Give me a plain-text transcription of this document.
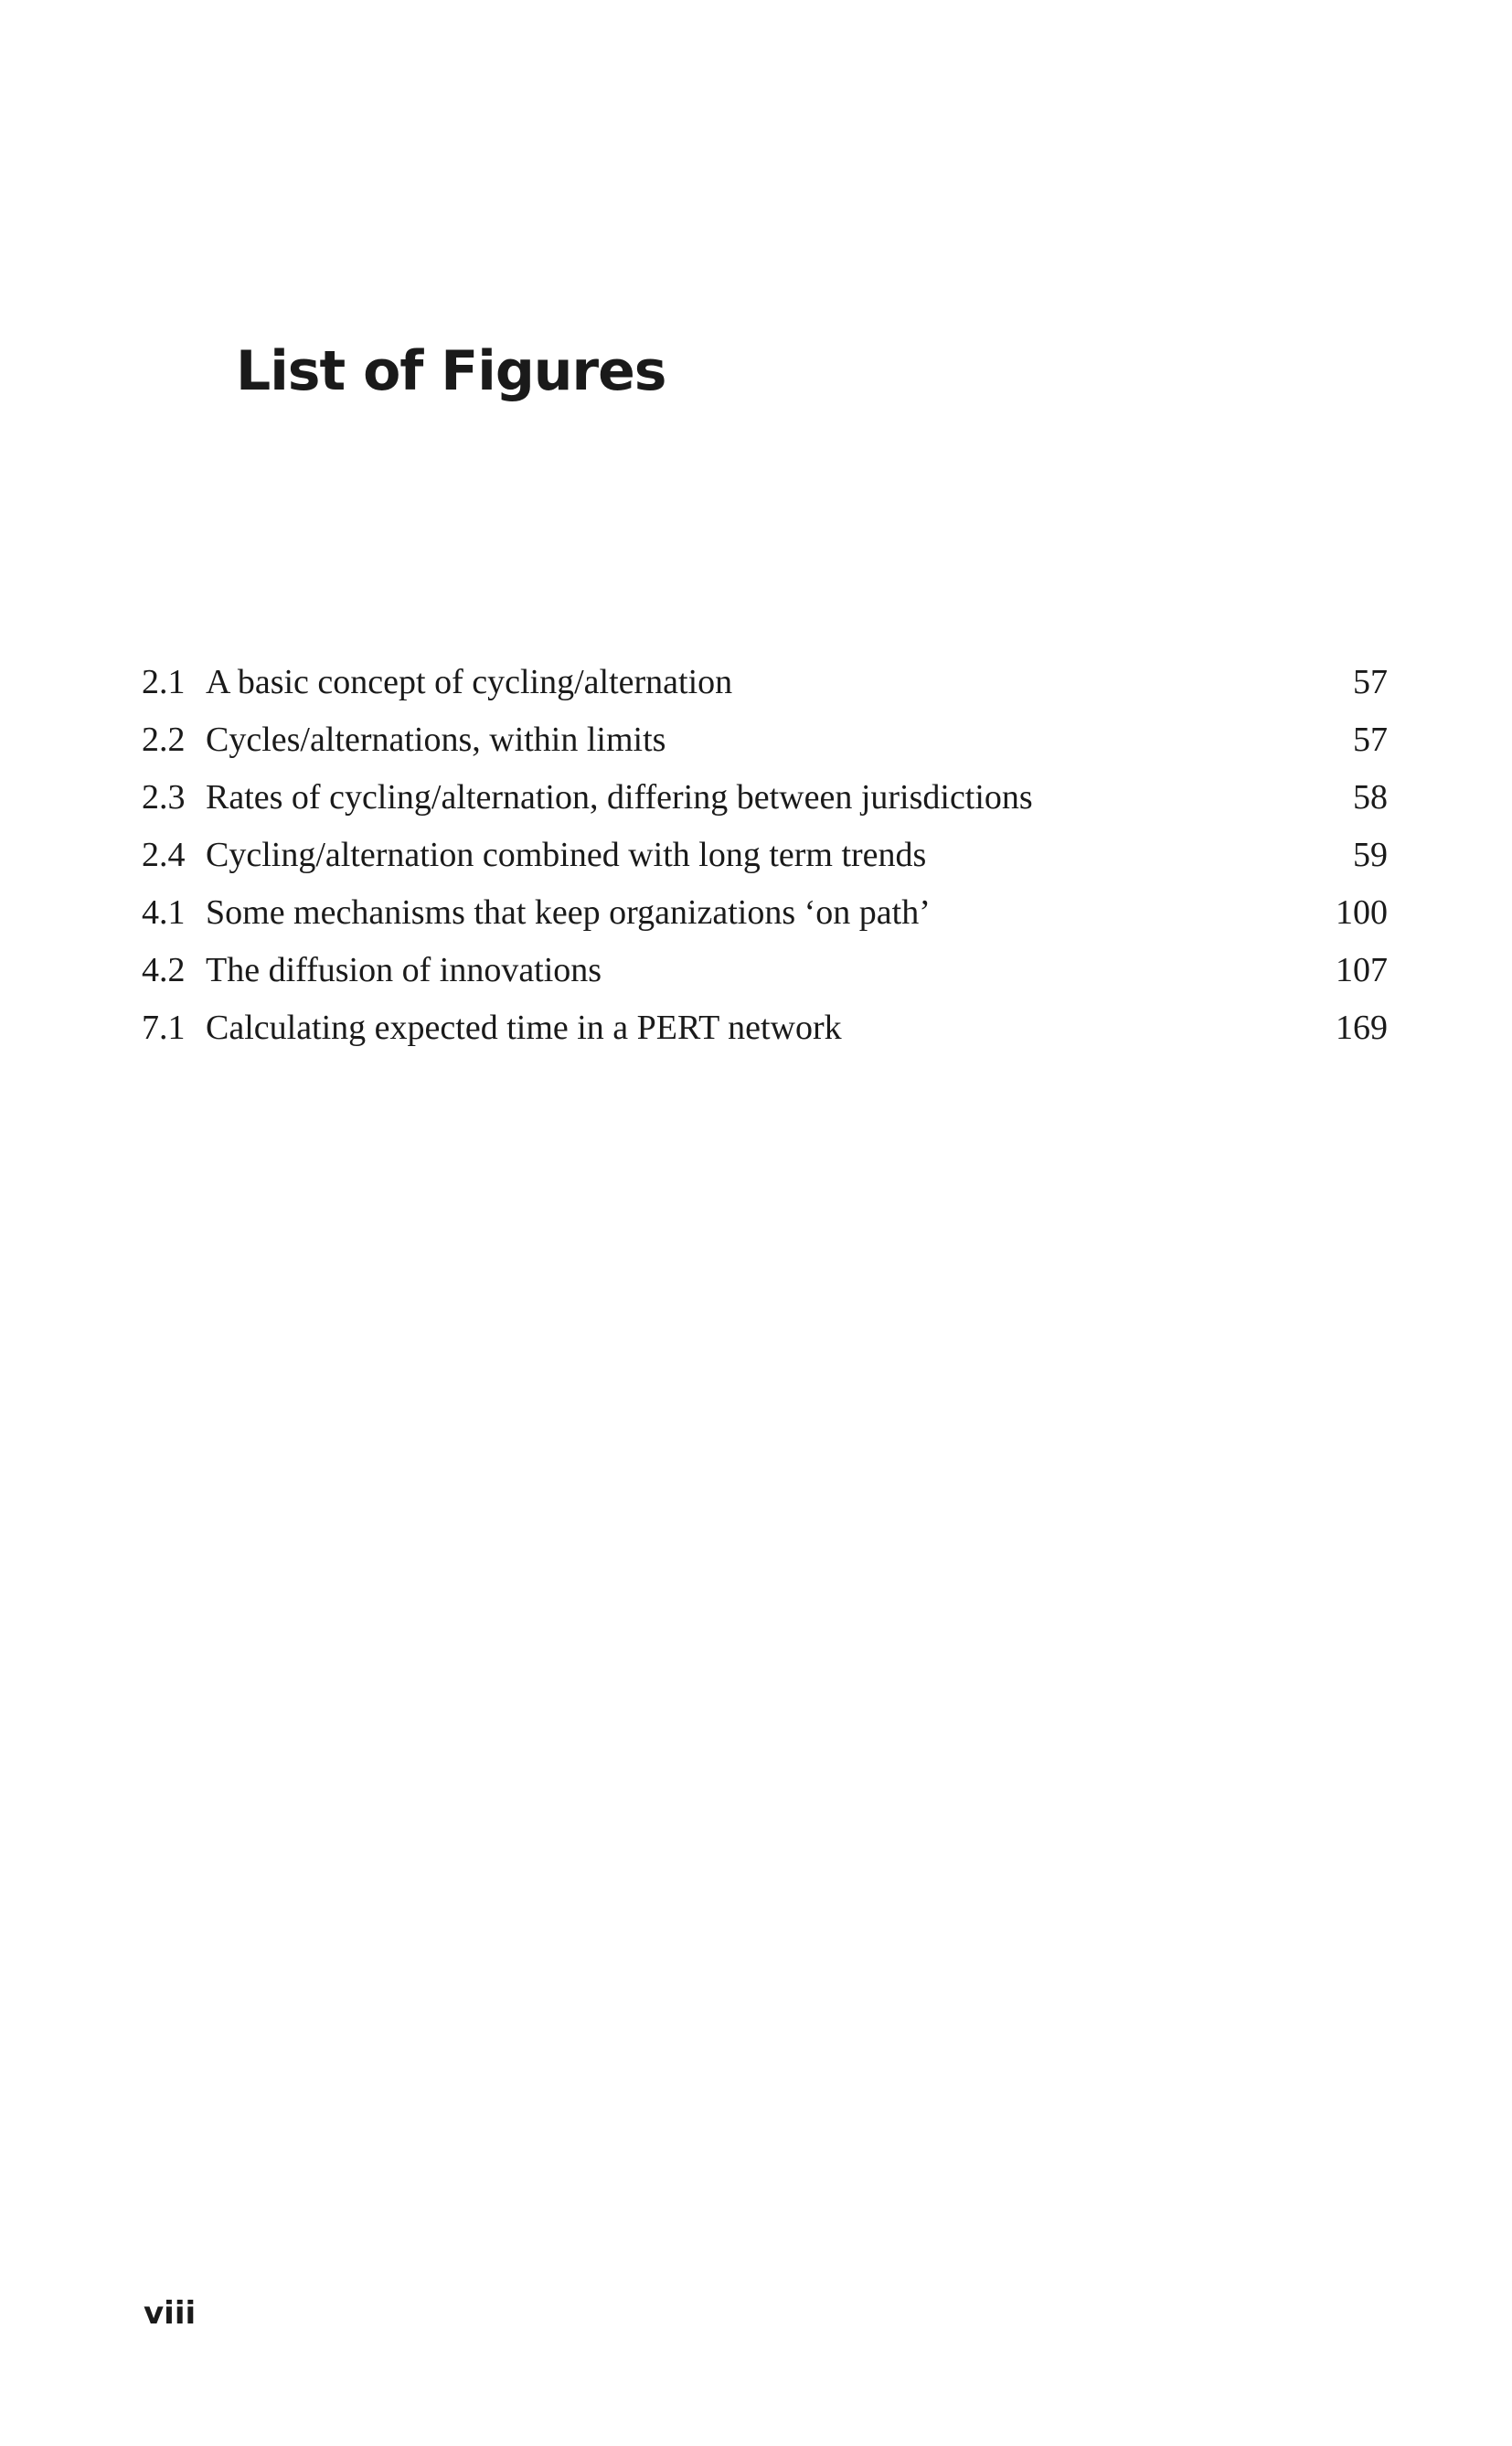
List of Figures
2.1 A basic concept of cycling/alternation	57
2.2 Cycles/alternations, within limits	57
2.3 Rates of cycling/alternation, differing between jurisdictions	58
2.4 Cycling/alternation combined with long term trends	59
4.1 Some mechanisms that keep organizations ‘on path’	100
4.2 The diffusion of innovations	107
7.1 Calculating expected time in a PERT network	169
viii
